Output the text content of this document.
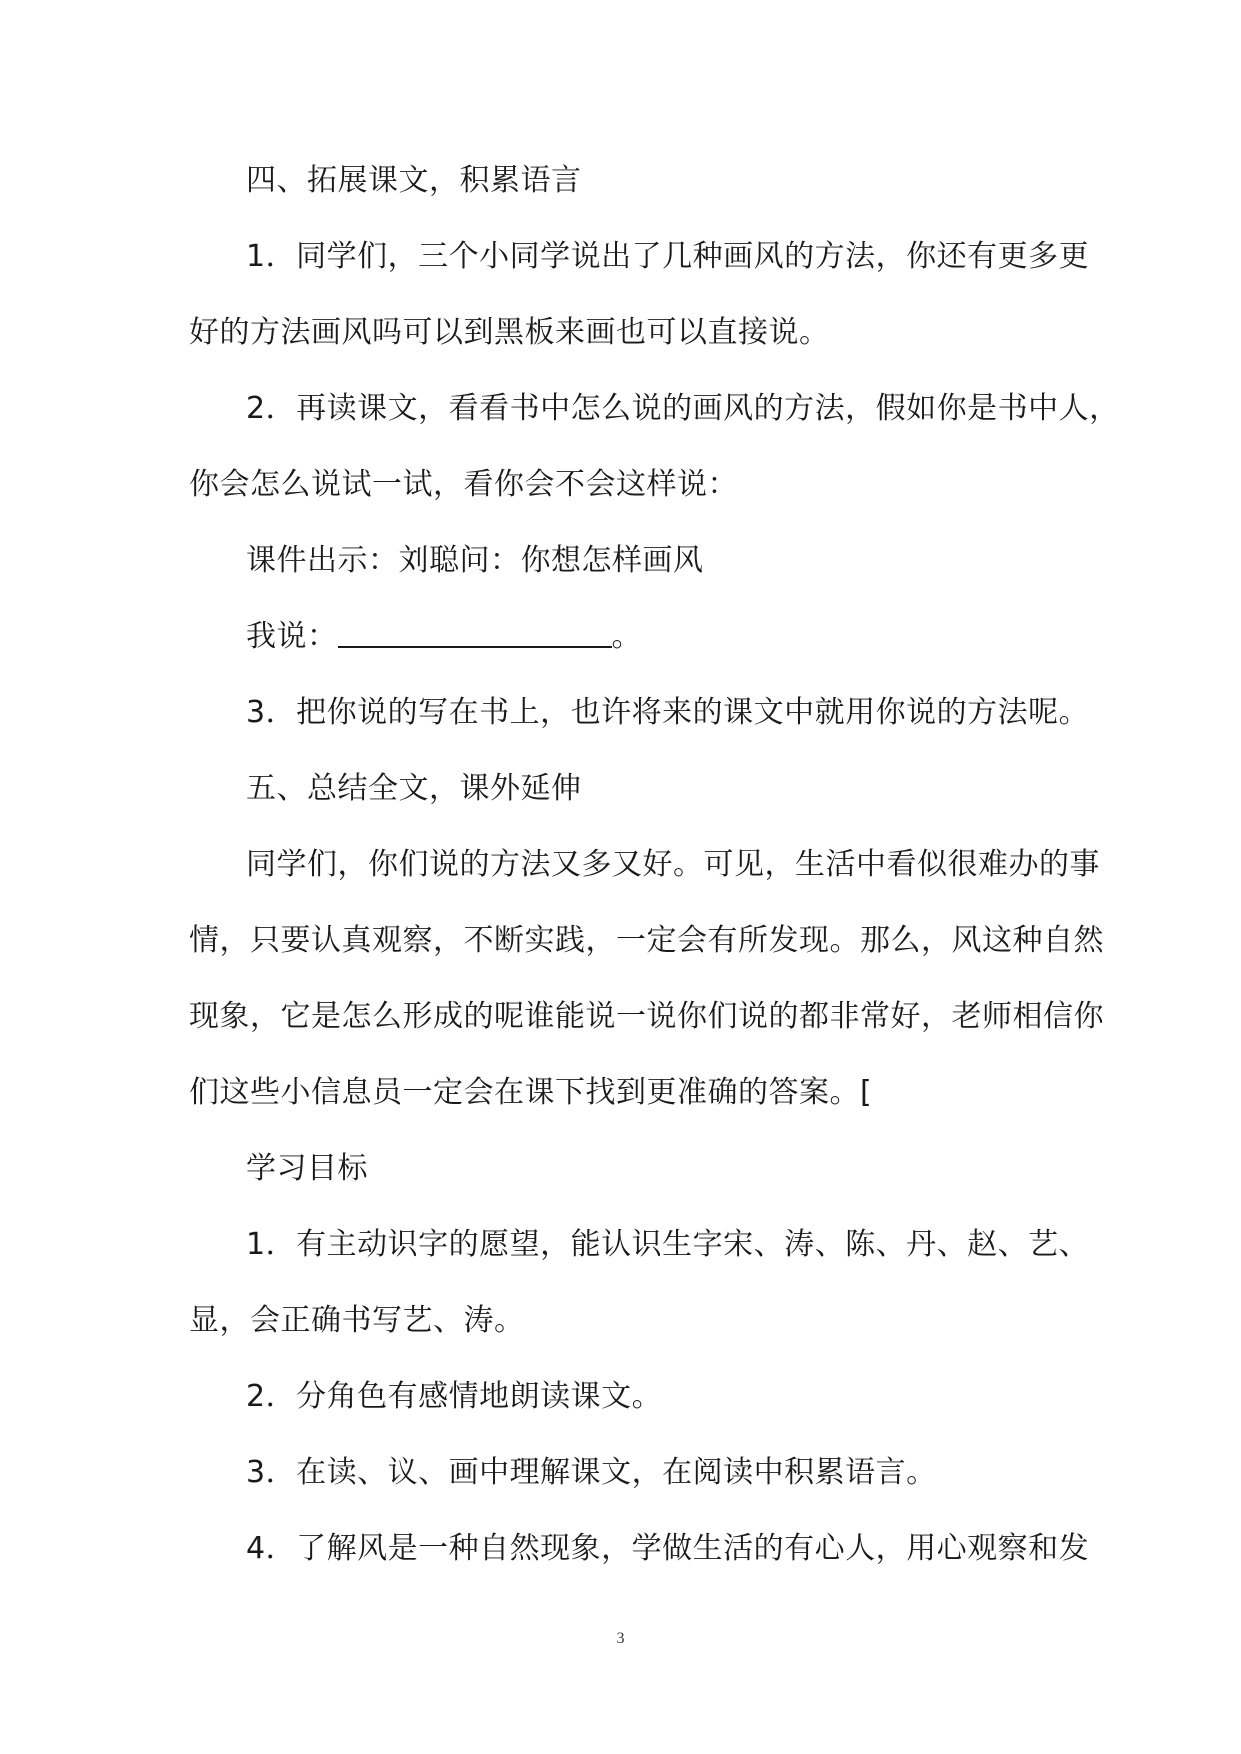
四、拓展课文，积累语言
1．同学们，三个小同学说出了几种画风的方法，你还有更多更
好的方法画风吗可以到黑板来画也可以直接说。
2．再读课文，看看书中怎么说的画风的方法，假如你是书中人，
你会怎么说试一试，看你会不会这样说：
课件出示：刘聪问：你想怎样画风
我说：	。
3．把你说的写在书上，也许将来的课文中就用你说的方法呢。
五、总结全文，课外延伸
同学们，你们说的方法又多又好。可见，生活中看似很难办的事
情，只要认真观察，不断实践，一定会有所发现。那么，风这种自然
现象，它是怎么形成的呢谁能说一说你们说的都非常好，老师相信你
们这些小信息员一定会在课下找到更准确的答案。[
学习目标
1．有主动识字的愿望，能认识生字宋、涛、陈、丹、赵、艺、
显，会正确书写艺、涛。
2．分角色有感情地朗读课文。
3．在读、议、画中理解课文，在阅读中积累语言。
4．了解风是一种自然现象，学做生活的有心人，用心观察和发
3
